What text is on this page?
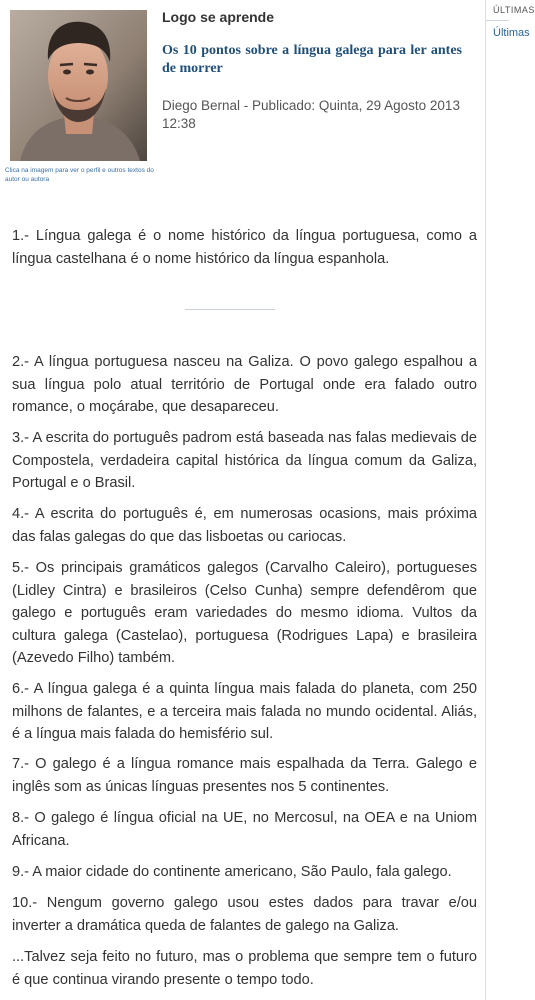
Clica na imagem para ver o perfil e outros textos do autor ou autora
Logo se aprende
Os 10 pontos sobre a língua galega para ler antes de morrer
Diego Bernal - Publicado: Quinta, 29 Agosto 2013 12:38

1.- Língua galega é o nome histórico da língua portuguesa, como a língua castelhana é o nome histórico da língua espanhola.

2.- A língua portuguesa nasceu na Galiza. O povo galego espalhou a sua língua polo atual território de Portugal onde era falado outro romance, o moçárabe, que desapareceu.

3.- A escrita do português padrom está baseada nas falas medievais de Compostela, verdadeira capital histórica da língua comum da Galiza, Portugal e o Brasil.

4.- A escrita do português é, em numerosas ocasions, mais próxima das falas galegas do que das lisboetas ou cariocas.

5.- Os principais gramáticos galegos (Carvalho Caleiro), portugueses (Lidley Cintra) e brasileiros (Celso Cunha) sempre defendêrom que galego e português eram variedades do mesmo idioma. Vultos da cultura galega (Castelao), portuguesa (Rodrigues Lapa) e brasileira (Azevedo Filho) também.

6.- A língua galega é a quinta língua mais falada do planeta, com 250 milhons de falantes, e a terceira mais falada no mundo ocidental. Aliás, é a língua mais falada do hemisfério sul.

7.- O galego é a língua romance mais espalhada da Terra. Galego e inglês som as únicas línguas presentes nos 5 continentes.

8.- O galego é língua oficial na UE, no Mercosul, na OEA e na Uniom Africana.

9.- A maior cidade do continente americano, São Paulo, fala galego.

10.- Nengum governo galego usou estes dados para travar e/ou inverter a dramática queda de falantes de galego na Galiza.

...Talvez seja feito no futuro, mas o problema que sempre tem o futuro é que continua virando presente o tempo todo.

ÚLTIMAS
Últimas
